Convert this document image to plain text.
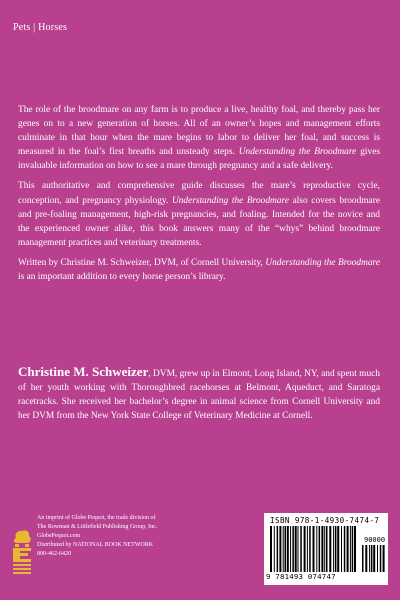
Pets | Horses

The role of the broodmare on any farm is to produce a live, healthy foal, and thereby pass her genes on to a new generation of horses. All of an owner’s hopes and management efforts culminate in that hour when the mare begins to labor to deliver her foal, and success is measured in the foal’s first breaths and unsteady steps. Understanding the Broodmare gives invaluable information on how to see a mare through pregnancy and a safe delivery.

This authoritative and comprehensive guide discusses the mare’s reproductive cycle, conception, and pregnancy physiology. Understanding the Broodmare also covers broodmare and pre-foaling management, high-risk pregnancies, and foaling. Intended for the novice and the experienced owner alike, this book answers many of the “whys” behind broodmare management practices and veterinary treatments.

Written by Christine M. Schweizer, DVM, of Cornell University, Understanding the Broodmare is an important addition to every horse person’s library.

Christine M. Schweizer, DVM, grew up in Elmont, Long Island, NY, and spent much of her youth working with Thoroughbred racehorses at Belmont, Aqueduct, and Saratoga racetracks. She received her bachelor’s degree in animal science from Cornell University and her DVM from the New York State College of Veterinary Medicine at Cornell.
An imprint of Globe Pequot, the trade division of
The Rowman & Littlefield Publishing Group, Inc.
GlobePequot.com
Distributed by NATIONAL BOOK NETWORK
800-462-6420
ISBN 978-1-4930-7474-7
90000
9 781493 074747
